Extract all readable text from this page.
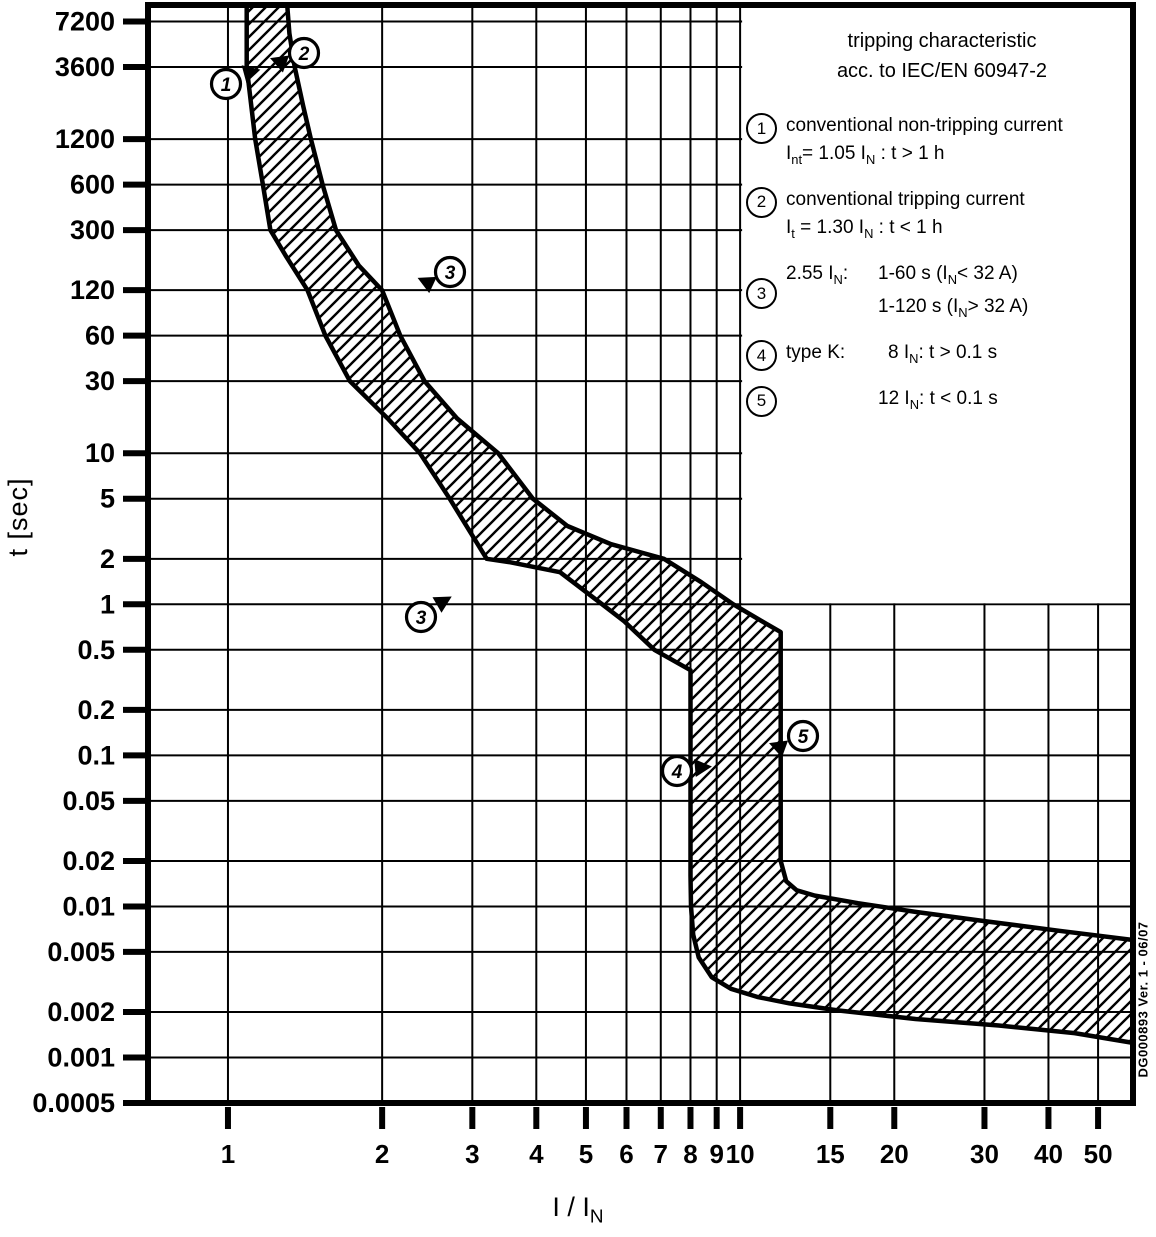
7200
3600
1200
600
300
120
60
30
10
5
2
1
0.5
0.2
0.1
0.05
0.02
0.01
0.005
0.002
0.001
0.0005
1	2	3 4 5 6 7 8 9 10 15 20 30 40 50
1
2
3
3
4
5
t [sec]
I / $I_N$
tripping characteristic
acc. to IEC/EN 60947-2
1	conventional non-tripping current
$I_{nt}= 1.05$ $I_N$ : t > 1 h
2	conventional tripping current
$I_t = 1.30$ $I_N$ : t < 1 h
3
2.55 $I_N$:	1-60 s ($I_N< 32$ A)
1-120 s ($I_N> 32$ A)
4	type K:	8 $I_N$: t > 0.1 s
5	12 $I_N$: t < 0.1 s
DG000893 Ver. 1 - 06/07
